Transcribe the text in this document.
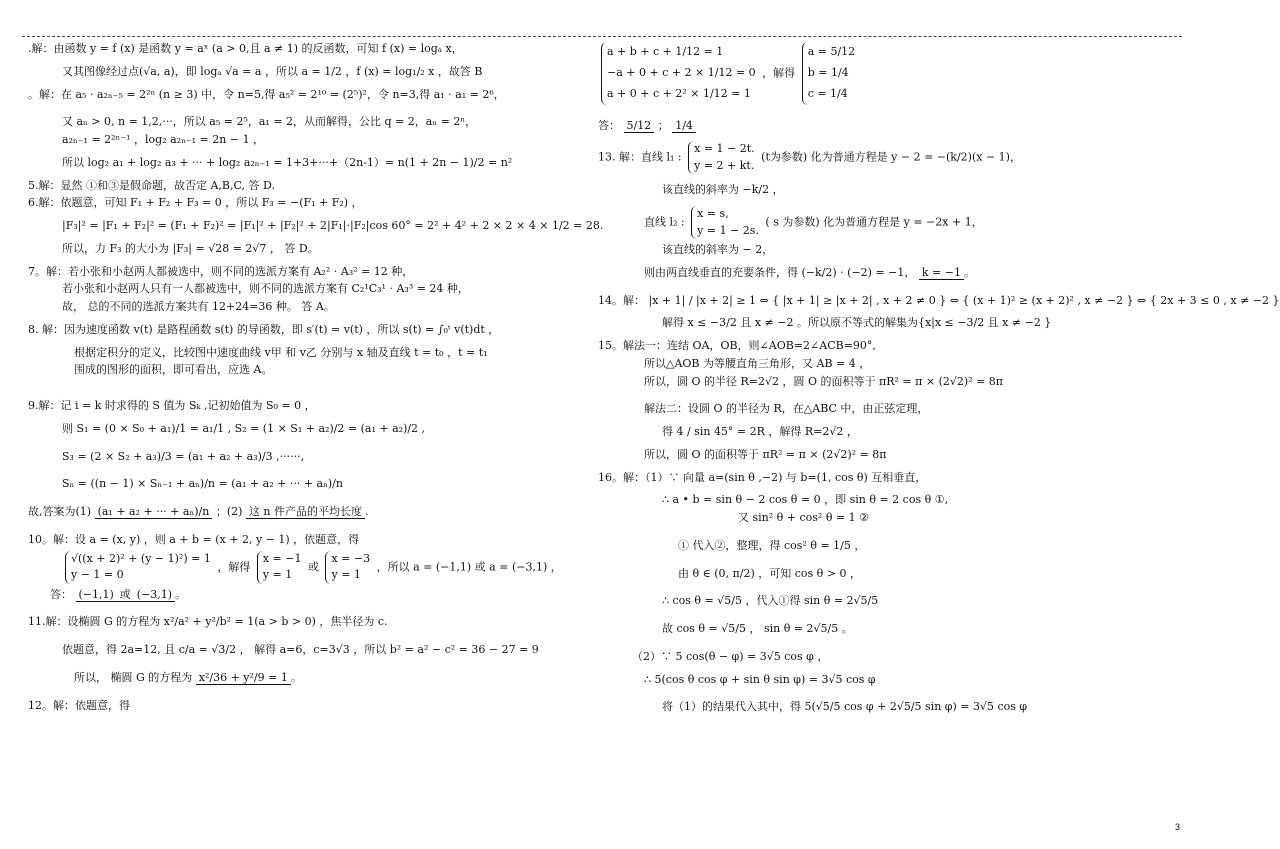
.解：由函数 y = f (x) 是函数 y = aˣ (a > 0,且 a ≠ 1) 的反函数，可知 f (x) = logₐ x，

又其图像经过点(√a, a)，即 logₐ √a = a ，所以 a = 1/2 ，f (x) = log₁/₂ x ，故答 B

。解：在 a₅ · a₂ₙ₋₅ = 2²ⁿ (n ≥ 3) 中，令 n=5,得 a₅² = 2¹⁰ = (2⁵)²，令 n=3,得 a₁ · a₁ = 2⁶，

又 aₙ > 0, n = 1,2,···，所以 a₅ = 2⁵，a₁ = 2，从而解得，公比 q = 2，aₙ = 2ⁿ，

a₂ₙ₋₁ = 2²ⁿ⁻¹ ，log₂ a₂ₙ₋₁ = 2n − 1 ，

所以 log₂ a₁ + log₂ a₃ + ··· + log₂ a₂ₙ₋₁ = 1+3+···+（2n-1）= n(1 + 2n − 1)/2 = n²

5.解：显然 ①和③是假命题，故否定 A,B,C, 答 D.

6.解：依题意，可知 F₁ + F₂ + F₃ = 0 ，所以 F₃ = −(F₁ + F₂) ，

|F₃|² = |F₁ + F₂|² = (F₁ + F₂)² = |F₁|² + |F₂|² + 2|F₁|·|F₂|cos 60° = 2² + 4² + 2 × 2 × 4 × 1/2 = 28.

所以，力 F₃ 的大小为 |F₃| = √28 = 2√7 ， 答 D。

7。解：若小张和小赵两人都被选中，则不同的选派方案有 A₂² · A₃² = 12 种，

若小张和小赵两人只有一人都被选中，则不同的选派方案有 C₂¹C₃¹ · A₃³ = 24 种，

故， 总的不同的选派方案共有 12+24=36 种。 答 A。

8. 解：因为速度函数 v(t) 是路程函数 s(t) 的导函数，即 s′(t) = v(t) ，所以 s(t) = ∫₀ᵗ v(t)dt ，

根据定积分的定义，比较图中速度曲线 v甲 和 v乙 分别与 x 轴及直线 t = t₀ ，t = t₁

围成的图形的面积，即可看出，应选 A。

9.解：记 i = k 时求得的 S 值为 Sₖ ,记初始值为 S₀ = 0 ，

则 S₁ = (0 × S₀ + a₁)/1 = a₁/1 , S₂ = (1 × S₁ + a₂)/2 = (a₁ + a₂)/2 ,

S₃ = (2 × S₂ + a₃)/3 = (a₁ + a₂ + a₃)/3 ,······,

Sₙ = ((n − 1) × Sₙ₋₁ + aₙ)/n = (a₁ + a₂ + ··· + aₙ)/n

故,答案为(1) (a₁ + a₂ + ··· + aₙ)/n ；(2) 这 n 件产品的平均长度 .

10。解：设 a = (x, y) ，则 a + b = (x + 2, y − 1) ，依题意，得

√((x + 2)² + (y − 1)²) = 1
y − 1 = 0 ，解得 x = −1
y = 1 或 x = −3
y = 1 ，所以 a = (−1,1) 或 a = (−3,1) ，

答： (−1,1) 或 (−3,1) 。

11.解：设椭圆 G 的方程为 x²/a² + y²/b² = 1(a > b > 0) ，焦半径为 c.

依题意，得 2a=12, 且 c/a = √3/2 ， 解得 a=6，c=3√3 ，所以 b² = a² − c² = 36 − 27 = 9

所以， 椭圆 G 的方程为 x²/36 + y²/9 = 1 。

12。解：依题意，得

a + b + c + 1/12 = 1
−a + 0 + c + 2 × 1/12 = 0
a + 0 + c + 2² × 1/12 = 1 ，解得 a = 5/12
b = 1/4
c = 1/4

答： 5/12 ； 1/4

13. 解：直线 l₁ : x = 1 − 2t.
y = 2 + kt. (t为参数) 化为普通方程是 y − 2 = −(k/2)(x − 1)，

该直线的斜率为 −k/2 ，

直线 l₂ : x = s,
y = 1 − 2s. ( s 为参数) 化为普通方程是 y = −2x + 1，

该直线的斜率为 − 2，

则由两直线垂直的充要条件，得 (−k/2) · (−2) = −1， k = −1 。

14。解： |x + 1| / |x + 2| ≥ 1 ⇔ { |x + 1| ≥ |x + 2| , x + 2 ≠ 0 } ⇔ { (x + 1)² ≥ (x + 2)² , x ≠ −2 } ⇔ { 2x + 3 ≤ 0 , x ≠ −2 }

解得 x ≤ −3/2 且 x ≠ −2 。所以原不等式的解集为{x|x ≤ −3/2 且 x ≠ −2 }

15。解法一：连结 OA，OB，则∠AOB=2∠ACB=90°,

所以△AOB 为等腰直角三角形，又 AB = 4 ，

所以，圆 O 的半径 R=2√2 ，圆 O 的面积等于 πR² = π × (2√2)² = 8π

解法二：设圆 O 的半径为 R，在△ABC 中，由正弦定理，

得 4 / sin 45° = 2R ，解得 R=2√2 ，

所以，圆 O 的面积等于 πR² = π × (2√2)² = 8π

16。解：（1）∵ 向量 a=(sin θ ,−2) 与 b=(1, cos θ) 互相垂直，

∴ a • b = sin θ − 2 cos θ = 0 ，即 sin θ = 2 cos θ ①,

又 sin² θ + cos² θ = 1 ②

① 代入②，整理，得 cos² θ = 1/5 ，

由 θ ∈ (0, π/2) ，可知 cos θ > 0 ，

∴ cos θ = √5/5 ，代入①得 sin θ = 2√5/5

故 cos θ = √5/5 ， sin θ = 2√5/5 。

（2）∵ 5 cos(θ − φ) = 3√5 cos φ ，

∴ 5(cos θ cos φ + sin θ sin φ) = 3√5 cos φ

将（1）的结果代入其中，得 5(√5/5 cos φ + 2√5/5 sin φ) = 3√5 cos φ

3
